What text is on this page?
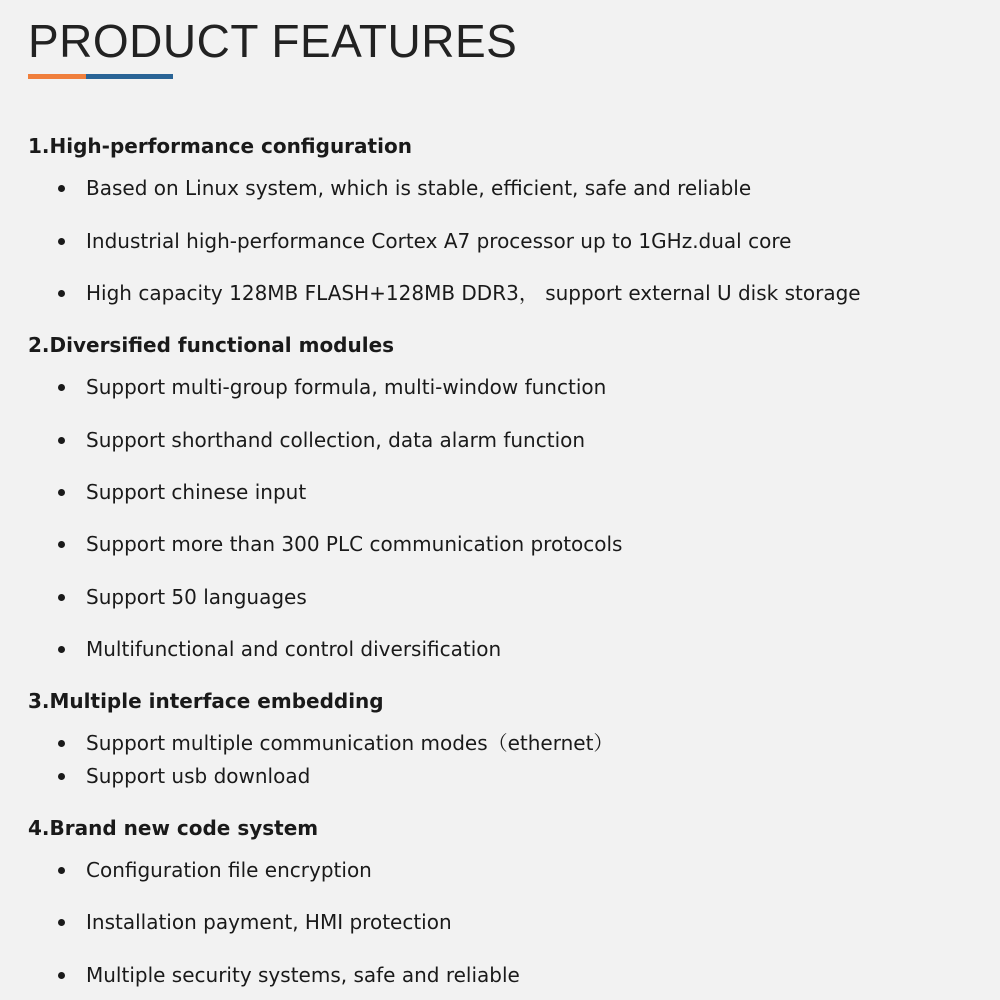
PRODUCT FEATURES
1.High-performance configuration
Based on Linux system, which is stable, efficient, safe and reliable
Industrial high-performance Cortex A7 processor up to 1GHz.dual core
High capacity 128MB FLASH+128MB DDR3， support external U disk storage
2.Diversified functional modules
Support multi-group formula, multi-window function
Support shorthand collection, data alarm function
Support chinese input
Support more than 300 PLC communication protocols
Support 50 languages
Multifunctional and control diversification
3.Multiple interface embedding
Support multiple communication modes（ethernet）
Support usb download
4.Brand new code system
Configuration file encryption
Installation payment, HMI protection
Multiple security systems, safe and reliable
